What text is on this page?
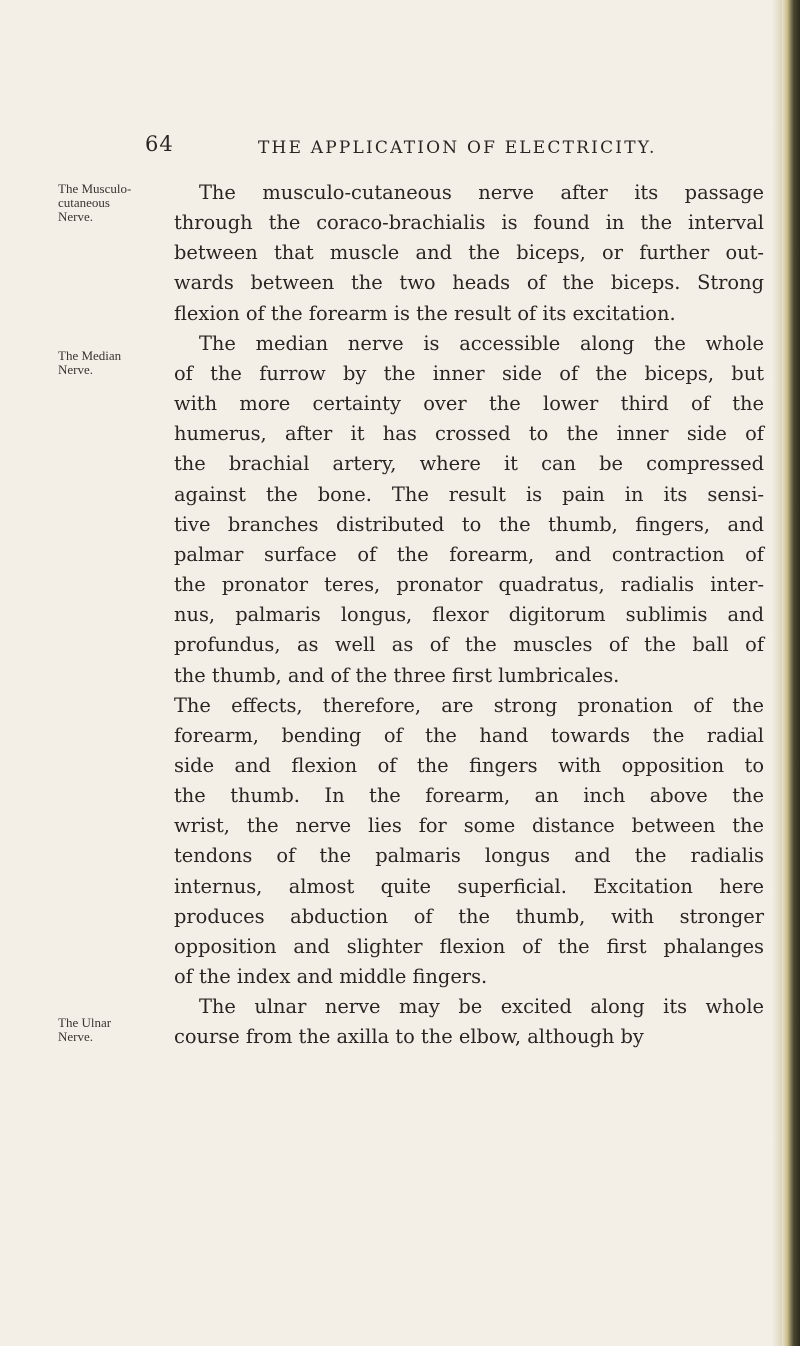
64	THE APPLICATION OF ELECTRICITY.
The Musculo-
cutaneous
Nerve.
The Median
Nerve.
The Ulnar
Nerve.
The musculo-cutaneous nerve after its passage
through the coraco-brachialis is found in the interval
between that muscle and the biceps, or further out-
wards between the two heads of the biceps. Strong
flexion of the forearm is the result of its excitation.
The median nerve is accessible along the whole
of the furrow by the inner side of the biceps, but
with more certainty over the lower third of the
humerus, after it has crossed to the inner side of
the brachial artery, where it can be compressed
against the bone. The result is pain in its sensi-
tive branches distributed to the thumb, fingers, and
palmar surface of the forearm, and contraction of
the pronator teres, pronator quadratus, radialis inter-
nus, palmaris longus, flexor digitorum sublimis and
profundus, as well as of the muscles of the ball of
the thumb, and of the three first lumbricales.
The effects, therefore, are strong pronation of the
forearm, bending of the hand towards the radial
side and flexion of the fingers with opposition to
the thumb. In the forearm, an inch above the
wrist, the nerve lies for some distance between the
tendons of the palmaris longus and the radialis
internus, almost quite superficial. Excitation here
produces abduction of the thumb, with stronger
opposition and slighter flexion of the first phalanges
of the index and middle fingers.
The ulnar nerve may be excited along its whole
course from the axilla to the elbow, although by
